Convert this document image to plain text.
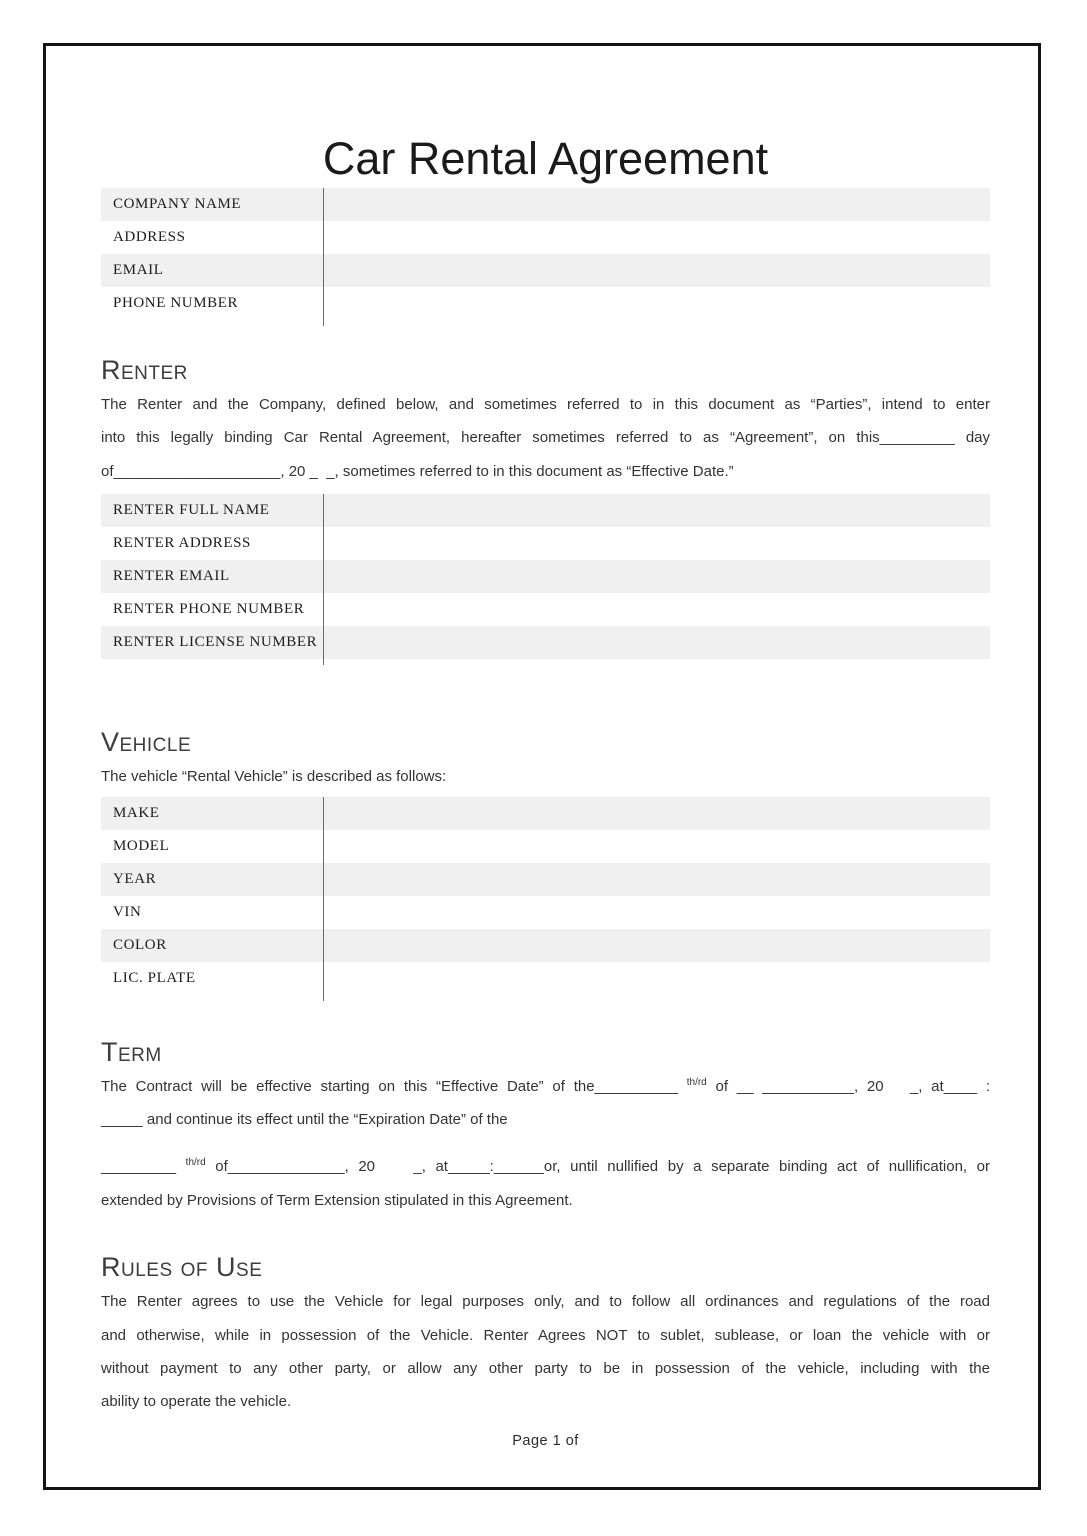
Car Rental Agreement
COMPANY NAME
ADDRESS
EMAIL
PHONE NUMBER
Renter
The Renter and the Company, defined below, and sometimes referred to in this document as “Parties”, intend to enter
into this legally binding Car Rental Agreement, hereafter sometimes referred to as “Agreement”, on this_________ day
of____________________, 20 _  _, sometimes referred to in this document as “Effective Date.”
RENTER FULL NAME
RENTER ADDRESS
RENTER EMAIL
RENTER PHONE NUMBER
RENTER LICENSE NUMBER
Vehicle
The vehicle “Rental Vehicle” is described as follows:
MAKE
MODEL
YEAR
VIN
COLOR
LIC. PLATE
Term
The Contract will be effective starting on this “Effective Date” of the__________ $^{th/rd}$ of __ ___________, 20   _, at____ :
_____ and continue its effect until the “Expiration Date” of the
_________ $^{th/rd}$ of______________, 20    _, at_____:______or, until nullified by a separate binding act of nullification, or
extended by Provisions of Term Extension stipulated in this Agreement.
Rules of Use
The Renter agrees to use the Vehicle for legal purposes only, and to follow all ordinances and regulations of the road
and otherwise, while in possession of the Vehicle. Renter Agrees NOT to sublet, sublease, or loan the vehicle with or
without payment to any other party, or allow any other party to be in possession of the vehicle, including with the
ability to operate the vehicle.
Page 1 of
